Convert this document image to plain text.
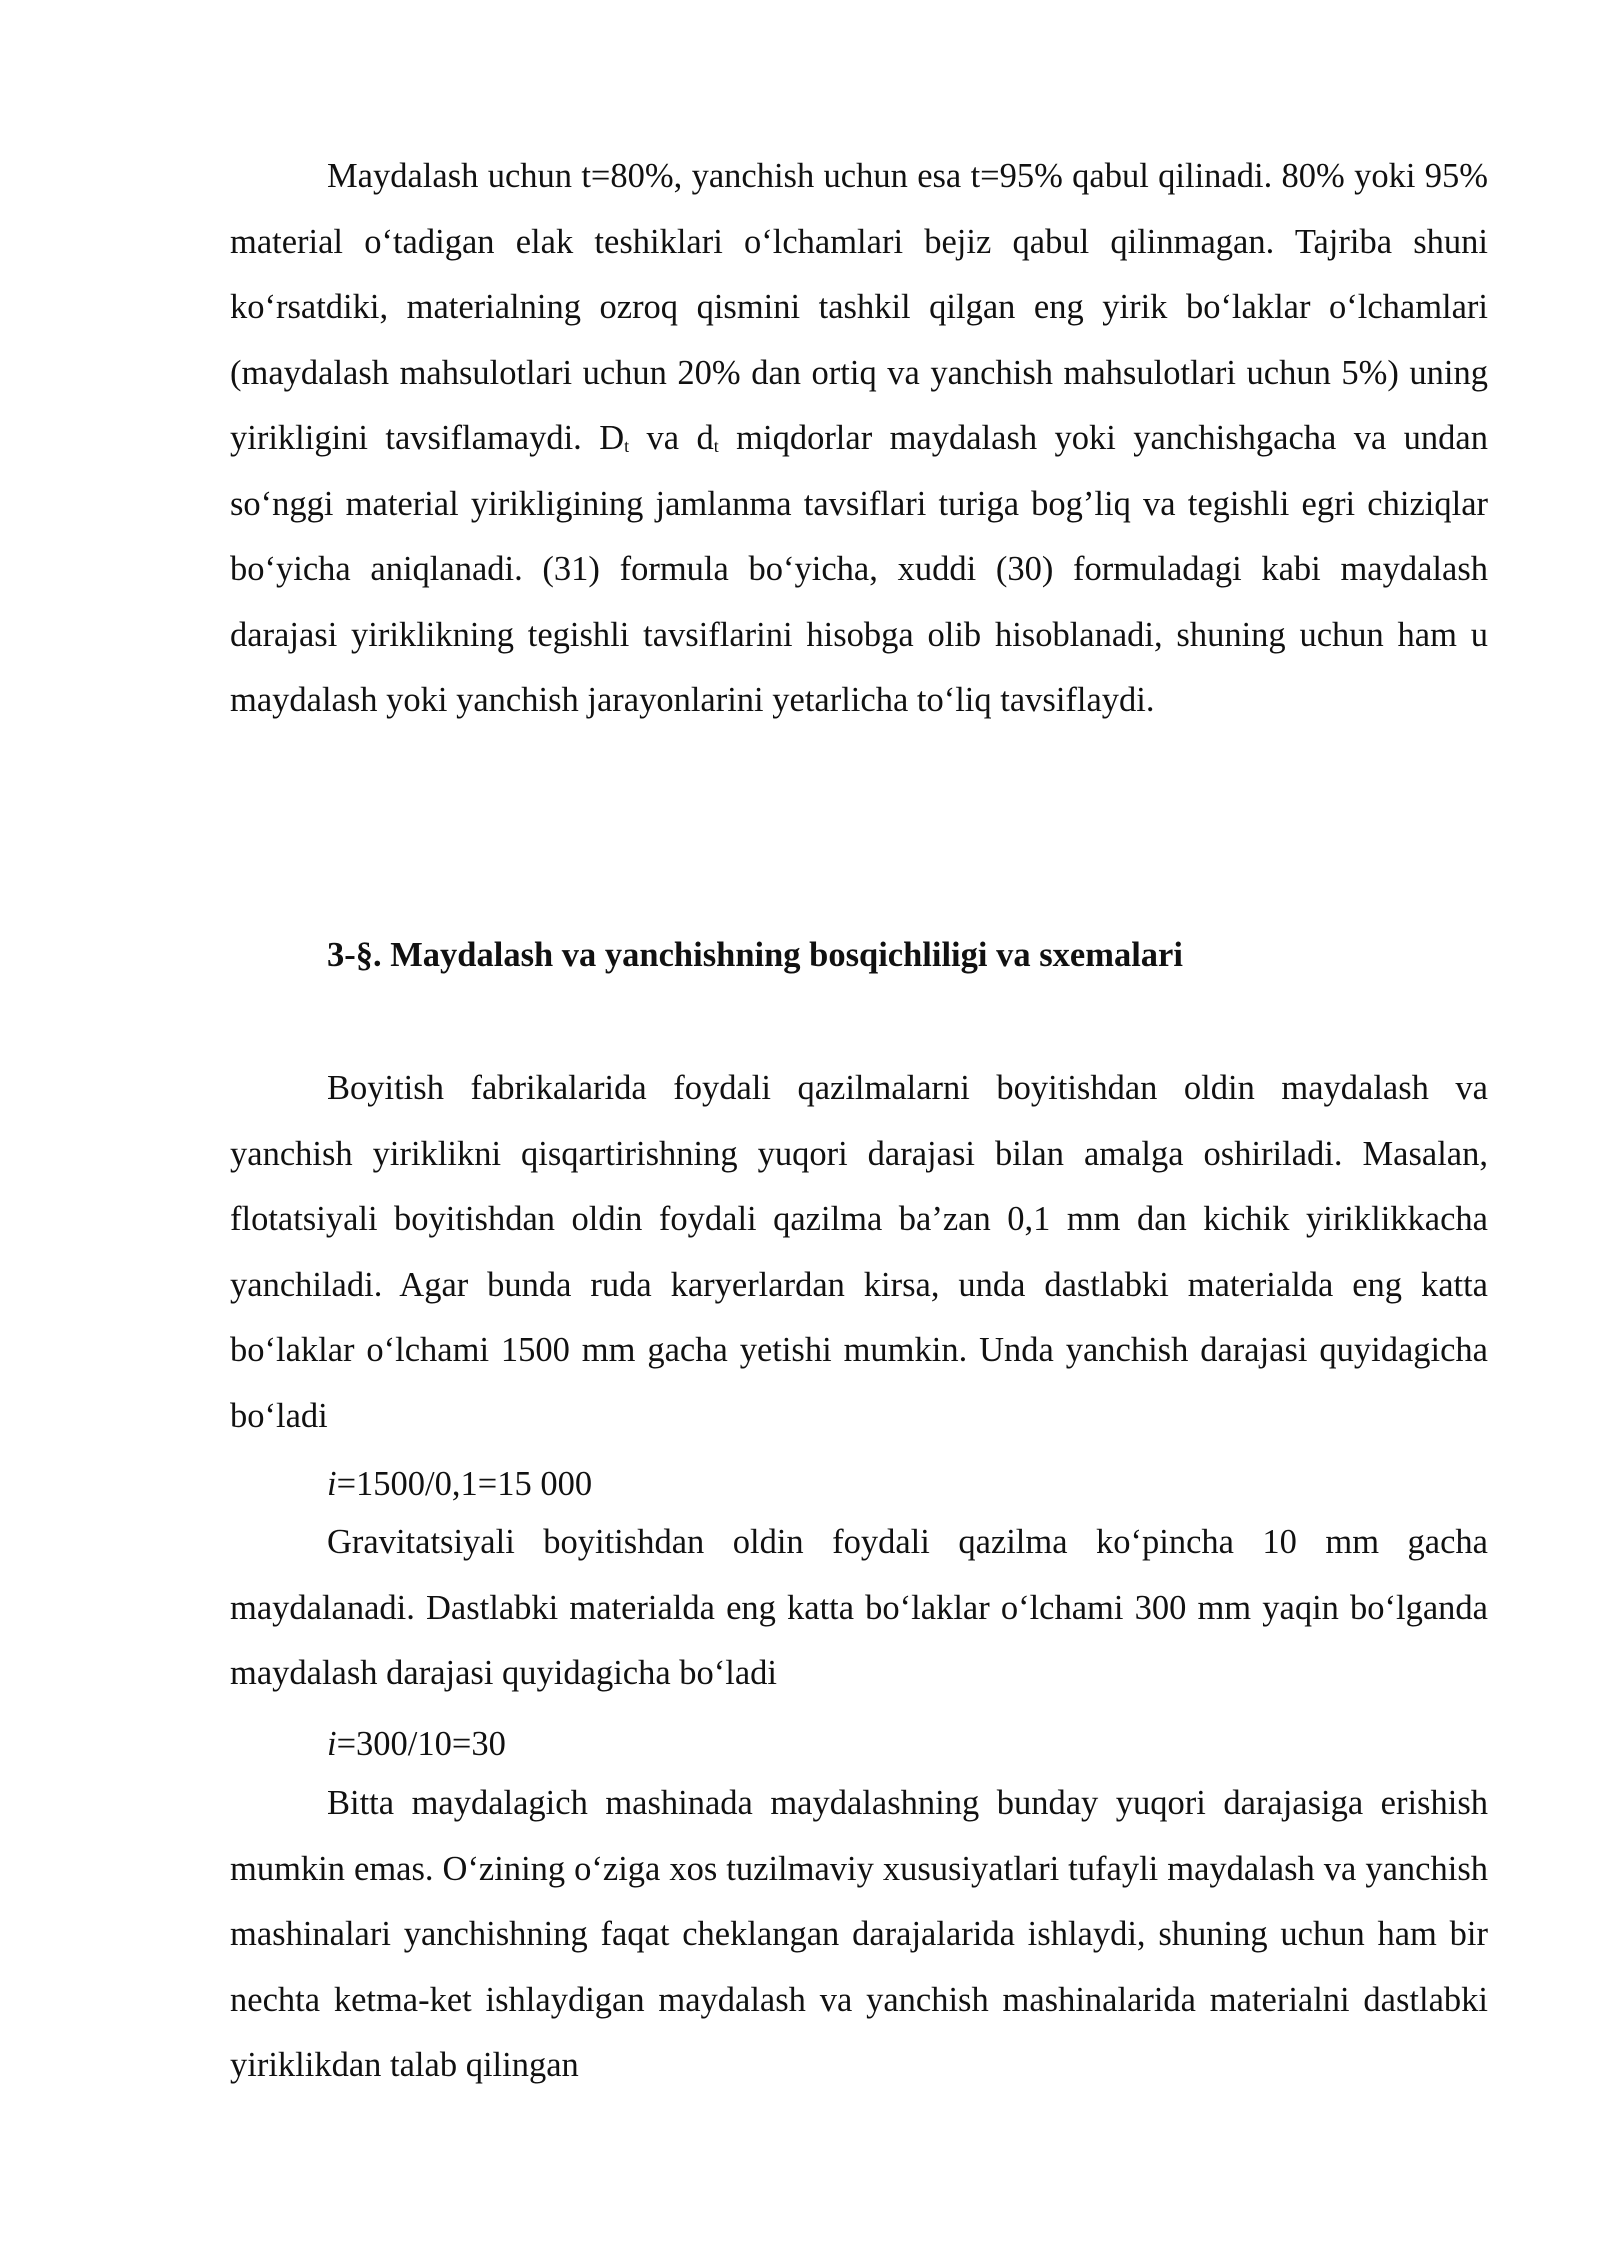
Maydalash uchun t=80%, yanchish uchun esa t=95% qabul qilinadi. 80% yoki 95% material o‘tadigan elak teshiklari o‘lchamlari bejiz qabul qilinmagan. Tajriba shuni ko‘rsatdiki, materialning ozroq qismini tashkil qilgan eng yirik bo‘laklar o‘lchamlari (maydalash mahsulotlari uchun 20% dan ortiq va yanchish mahsulotlari uchun 5%) uning yirikligini tavsiflamaydi. $D_t$ va $d_t$ miqdorlar maydalash yoki yanchishgacha va undan so‘nggi material yirikligining jamlanma tavsiflari turiga bog’liq va tegishli egri chiziqlar bo‘yicha aniqlanadi. (31) formula bo‘yicha, xuddi (30) formuladagi kabi maydalash darajasi yiriklikning tegishli tavsiflarini hisobga olib hisoblanadi, shuning uchun ham u maydalash yoki yanchish jarayonlarini yetarlicha to‘liq tavsiflaydi.

3-§. Maydalash va yanchishning bosqichliligi va sxemalari

Boyitish fabrikalarida foydali qazilmalarni boyitishdan oldin maydalash va yanchish yiriklikni qisqartirishning yuqori darajasi bilan amalga oshiriladi. Masalan, flotatsiyali boyitishdan oldin foydali qazilma ba’zan 0,1 mm dan kichik yiriklikkacha yanchiladi. Agar bunda ruda karyerlardan kirsa, unda dastlabki materialda eng katta bo‘laklar o‘lchami 1500 mm gacha yetishi mumkin. Unda yanchish darajasi quyidagicha bo‘ladi

i=1500/0,1=15 000

Gravitatsiyali boyitishdan oldin foydali qazilma ko‘pincha 10 mm gacha maydalanadi. Dastlabki materialda eng katta bo‘laklar o‘lchami 300 mm yaqin bo‘lganda maydalash darajasi quyidagicha bo‘ladi

i=300/10=30

Bitta maydalagich mashinada maydalashning bunday yuqori darajasiga erishish mumkin emas. O‘zining o‘ziga xos tuzilmaviy xususiyatlari tufayli maydalash va yanchish mashinalari yanchishning faqat cheklangan darajalarida ishlaydi, shuning uchun ham bir nechta ketma-ket ishlaydigan maydalash va yanchish mashinalarida materialni dastlabki yiriklikdan talab qilingan
